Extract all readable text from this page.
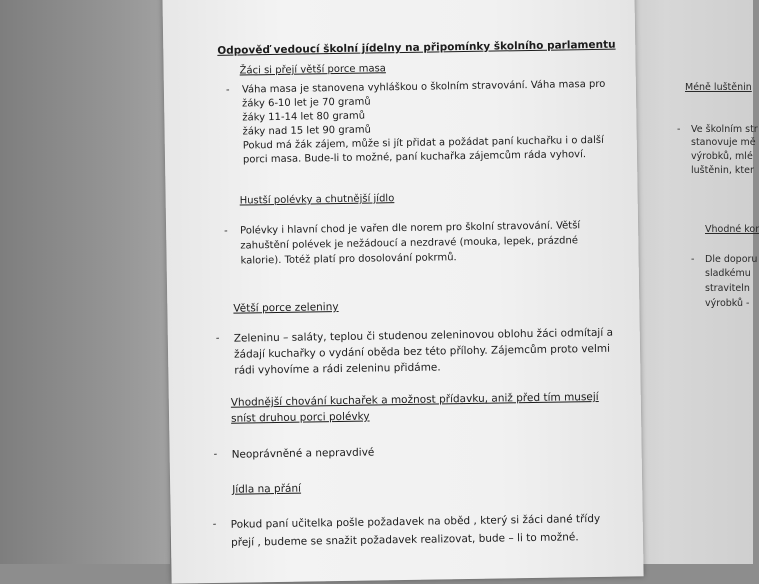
Méně luštěnin
- Ve školním str
stanovuje mě
výrobků, mlé
luštěnin, kter
Vhodné kor
- Dle doporu
sladkému
straviteln
výrobků -
Odpověď vedoucí školní jídelny na připomínky školního parlamentu
Žáci si přejí větší porce masa
- Váha masa je stanovena vyhláškou o školním stravování. Váha masa pro
žáky 6-10 let je 70 gramů
žáky 11-14 let 80 gramů
žáky nad 15 let 90 gramů
Pokud má žák zájem, může si jít přidat a požádat paní kuchařku i o další
porci masa. Bude-li to možné, paní kuchařka zájemcům ráda vyhoví.
Hustší polévky a chutnější jídlo
- Polévky i hlavní chod je vařen dle norem pro školní stravování. Větší
zahuštění polévek je nežádoucí a nezdravé (mouka, lepek, prázdné
kalorie). Totéž platí pro dosolování pokrmů.
Větší porce zeleniny
- Zeleninu – saláty, teplou či studenou zeleninovou oblohu žáci odmítají a
žádají kuchařky o vydání oběda bez této přílohy. Zájemcům proto velmi
rádi vyhovíme a rádi zeleninu přidáme.
Vhodnější chování kuchařek a možnost přídavku, aniž před tím musejí
sníst druhou porci polévky
- Neoprávněné a nepravdivé
Jídla na přání
- Pokud paní učitelka pošle požadavek na oběd , který si žáci dané třídy
přejí , budeme se snažit požadavek realizovat, bude – li to možné.
